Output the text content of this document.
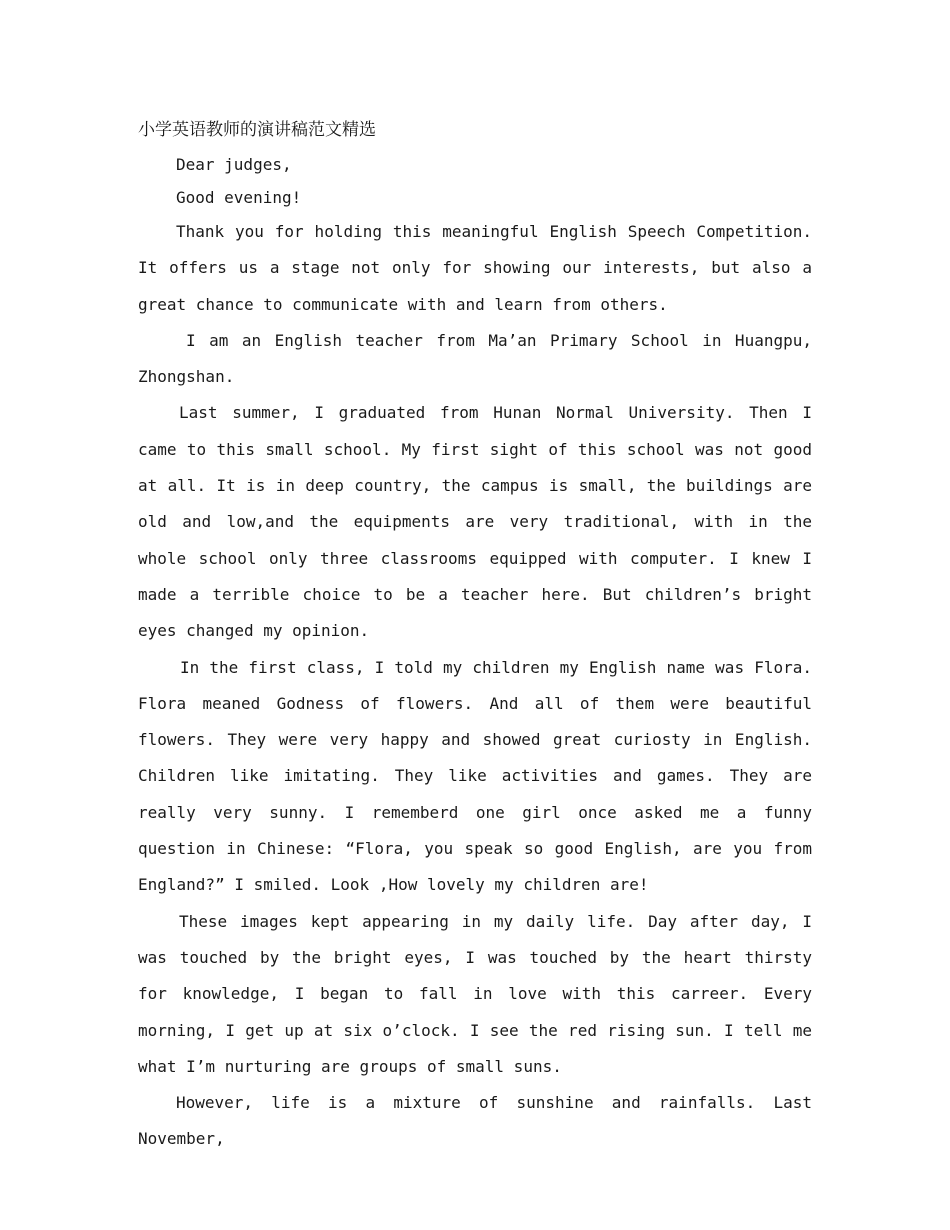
小学英语教师的演讲稿范文精选

Dear judges,

Good evening!

Thank you for holding this meaningful English Speech Competition. It offers us a stage not only for showing our interests, but also a great chance to communicate with and learn from others.

I am an English teacher from Ma’an Primary School in Huangpu, Zhongshan.

Last summer, I graduated from Hunan Normal University. Then I came to this small school. My first sight of this school was not good at all. It is in deep country, the campus is small, the buildings are old and low,and the equipments are very traditional, with in the whole school only three classrooms equipped with computer. I knew I made a terrible choice to be a teacher here. But children’s bright eyes changed my opinion.

In the first class, I told my children my English name was Flora. Flora meaned Godness of flowers. And all of them were beautiful flowers. They were very happy and showed great curiosty in English. Children like imitating. They like activities and games. They are really very sunny. I rememberd one girl once asked me a funny question in Chinese: “Flora, you speak so good English, are you from England?” I smiled. Look ,How lovely my children are!

These images kept appearing in my daily life. Day after day, I was touched by the bright eyes, I was touched by the heart thirsty for knowledge, I began to fall in love with this carreer. Every morning, I get up at six o’clock. I see the red rising sun. I tell me what I’m nurturing are groups of small suns.

However, life is a mixture of sunshine and rainfalls. Last November,
